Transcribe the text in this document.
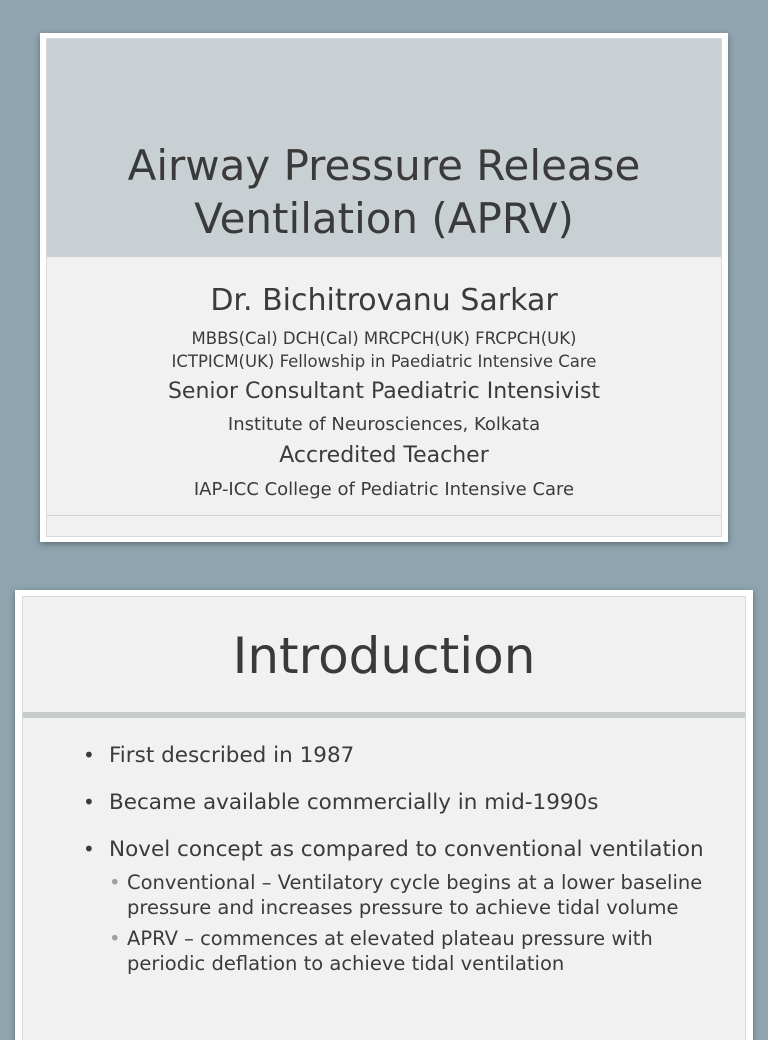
Airway Pressure Release
Ventilation (APRV)

Dr. Bichitrovanu Sarkar

MBBS(Cal) DCH(Cal) MRCPCH(UK) FRCPCH(UK)

ICTPICM(UK) Fellowship in Paediatric Intensive Care

Senior Consultant Paediatric Intensivist

Institute of Neurosciences, Kolkata

Accredited Teacher

IAP-ICC College of Pediatric Intensive Care

Introduction
• First described in 1987
• Became available commercially in mid-1990s
• Novel concept as compared to conventional ventilation
• Conventional – Ventilatory cycle begins at a lower baseline pressure and increases pressure to achieve tidal volume
• APRV – commences at elevated plateau pressure with periodic deflation to achieve tidal ventilation
